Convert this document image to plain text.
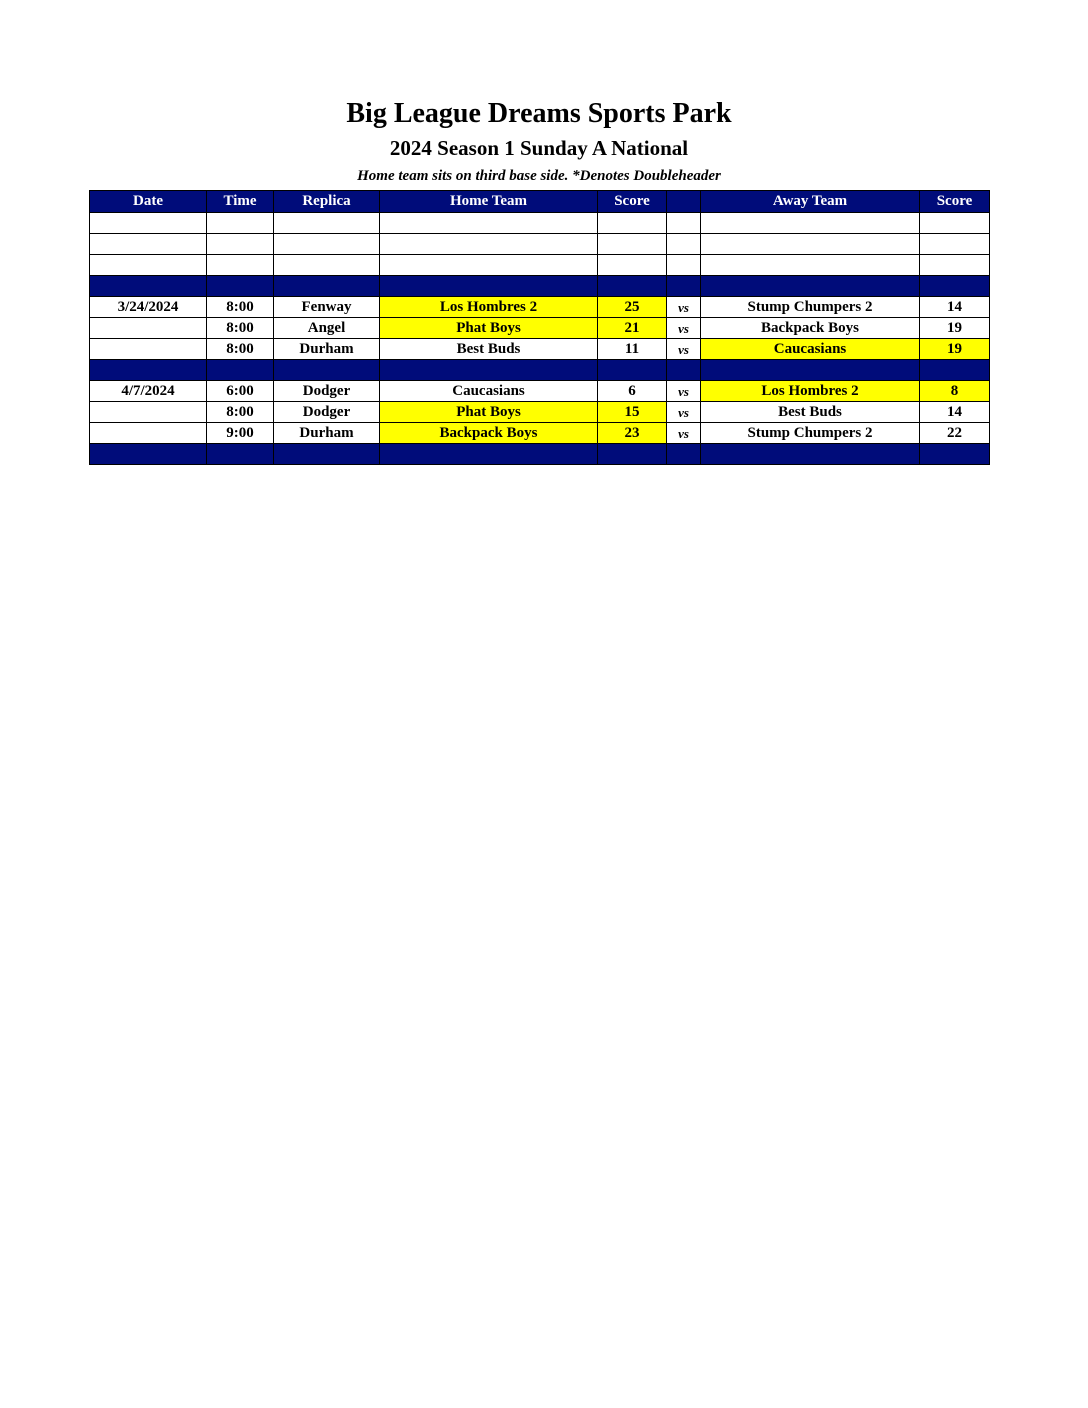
Big League Dreams Sports Park
2024 Season 1 Sunday A National
Home team sits on third base side. *Denotes Doubleheader
Date	Time	Replica	Home Team	Score		Away Team	Score

3/24/2024	8:00	Fenway	Los Hombres 2	25	vs	Stump Chumpers 2	14
	8:00	Angel	Phat Boys	21	vs	Backpack Boys	19
	8:00	Durham	Best Buds	11	vs	Caucasians	19

4/7/2024	6:00	Dodger	Caucasians	6	vs	Los Hombres 2	8
	8:00	Dodger	Phat Boys	15	vs	Best Buds	14
	9:00	Durham	Backpack Boys	23	vs	Stump Chumpers 2	22
